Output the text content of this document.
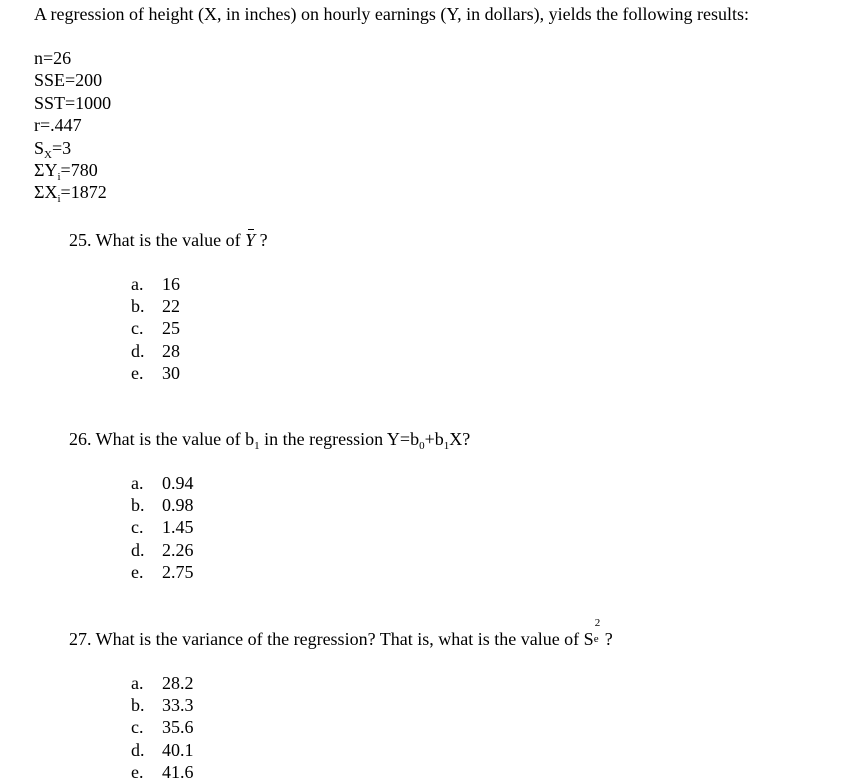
A regression of height (X, in inches) on hourly earnings (Y, in dollars), yields the following results:
n=26
SSE=200
SST=1000
r=.447
$S_X=3$
$\Sigma Y_i=780$
$\Sigma X_i=1872$
25. What is the value of Y ?
a. 16
b. 22
c. 25
d. 28
e. 30
26. What is the value of $b_1$ in the regression $Y=b_0+b_1X$?
a. 0.94
b. 0.98
c. 1.45
d. 2.26
e. 2.75
27. What is the variance of the regression? That is, what is the value of S
2
e ?
a. 28.2
b. 33.3
c. 35.6
d. 40.1
e. 41.6
